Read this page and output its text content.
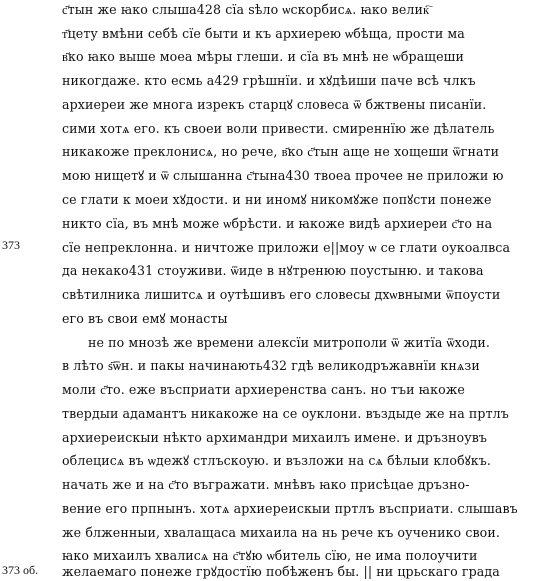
с҃тын же ꙗко слыша428 сїа ѕѣло ѡскорбисѧ. ꙗко велик҇
т҃цету вмѣни себѣ сїе быти и къ архиерею ѡбѣща, прости ма
в҃ко ꙗко выше моеа мѣры глеши. и сїа въ мнѣ не ѡбращеши
никогдаже. кто есмь а429 грѣшнїи. и хꙋдѣиши паче всѣ члкъ
архиереи же многа изрекъ старцꙋ словеса ѿ бжтвены писанїи.
сими хотѧ его. къ своеи воли привести. смиреннїю же дѣлатель
никакоже преклонисѧ, но рече, в҃ко с҃тын аще не хощеши ѿгнати
мою нищетꙋ и ѿ слышанна с҃тына430 твоеа прочее не приложи ю
се глати к моеи хꙋдости. и ни иномꙋ никомꙋже попꙋсти понеже
никто сїа, въ мнѣ може ѡбрѣсти. и ꙗкоже видѣ архиереи с҃то на
373	сїе непреклонна. и ничтоже приложи е||моу ѡ се глати оукоалвса
да некако431 стоуживи. ѿиде в нꙋтренюю поустыню. и такова
свѣтилника лишитсѧ и оутѣшивъ его словесы дхѡвными ѿпоусти
его въ свои емꙋ монасты
не по мнозѣ же времени алексїи митрополи ѿ житїа ѿходи.
в лѣто ѕ҃ѿн. и пакы начинають432 гдѣ великодръжавнїи кнѧзи
моли с҃то. еже въсприати архиеренства санъ. но тъи ꙗкоже
твердыи адамантъ никакоже на се оуклони. въздыде же на пртлъ
архиереискыи нѣкто архимандри михаилъ имене. и дръзноувъ
облецисѧ въ ѡдежꙋ стлъскоую. и възложи на сѧ бѣлыи клобꙋкъ.
начать же и на с҃то въгражати. мнѣвъ ꙗко присѣцае дръзно-
вение его прпнынъ. хотѧ архиереискыи пртлъ въсприати. слышавъ
же блженныи, хвалащаса михаила на нь рече къ оученико свои.
ꙗко михаилъ хвалисѧ на с҃тꙋю ѡбитель сїю, не има полоучити
373 об. желаемаго понеже грꙋдостїю побѣженъ бы. || ни црьскаго града
